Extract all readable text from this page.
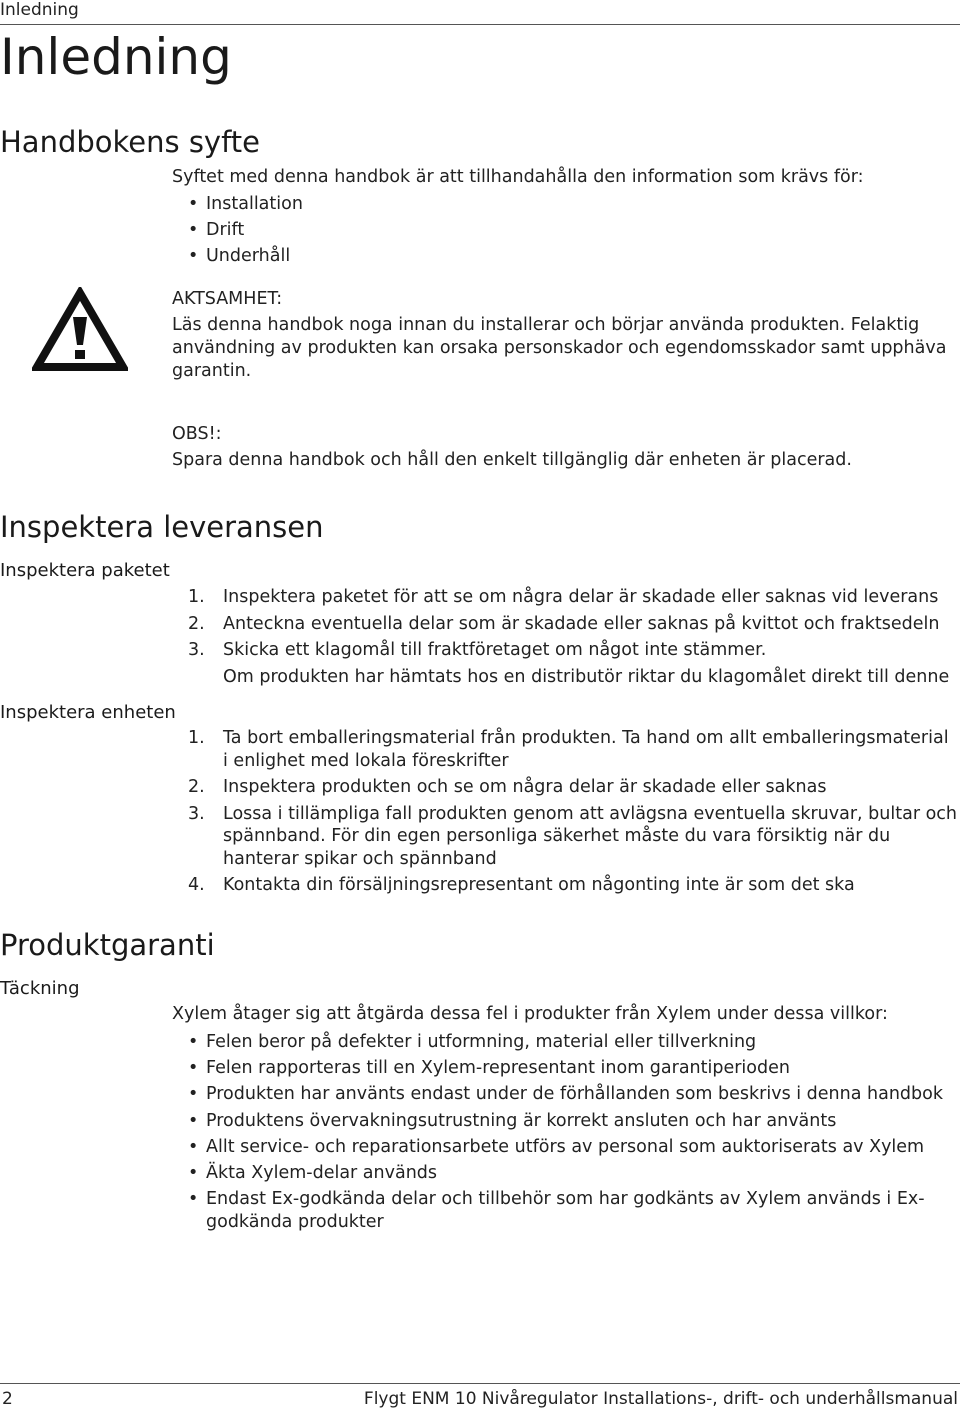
Inledning
Inledning
Handbokens syfte
Syftet med denna handbok är att tillhandahålla den information som krävs för:
• Installation
• Drift
• Underhåll
AKTSAMHET:
Läs denna handbok noga innan du installerar och börjar använda produkten. Felaktig
användning av produkten kan orsaka personskador och egendomsskador samt upphäva
garantin.
OBS!:
Spara denna handbok och håll den enkelt tillgänglig där enheten är placerad.
Inspektera leveransen
Inspektera paketet
1. Inspektera paketet för att se om några delar är skadade eller saknas vid leverans
2. Anteckna eventuella delar som är skadade eller saknas på kvittot och fraktsedeln
3. Skicka ett klagomål till fraktföretaget om något inte stämmer.
Om produkten har hämtats hos en distributör riktar du klagomålet direkt till denne
Inspektera enheten
1. Ta bort emballeringsmaterial från produkten. Ta hand om allt emballeringsmaterial i enlighet med lokala föreskrifter
2. Inspektera produkten och se om några delar är skadade eller saknas
3. Lossa i tillämpliga fall produkten genom att avlägsna eventuella skruvar, bultar och spännband. För din egen personliga säkerhet måste du vara försiktig när du hanterar spikar och spännband
4. Kontakta din försäljningsrepresentant om någonting inte är som det ska
Produktgaranti
Täckning
Xylem åtager sig att åtgärda dessa fel i produkter från Xylem under dessa villkor:
• Felen beror på defekter i utformning, material eller tillverkning
• Felen rapporteras till en Xylem-representant inom garantiperioden
• Produkten har använts endast under de förhållanden som beskrivs i denna handbok
• Produktens övervakningsutrustning är korrekt ansluten och har använts
• Allt service- och reparationsarbete utförs av personal som auktoriserats av Xylem
• Äkta Xylem-delar används
• Endast Ex-godkända delar och tillbehör som har godkänts av Xylem används i Ex-
godkända produkter
2	Flygt ENM 10 Nivåregulator Installations-, drift- och underhållsmanual
